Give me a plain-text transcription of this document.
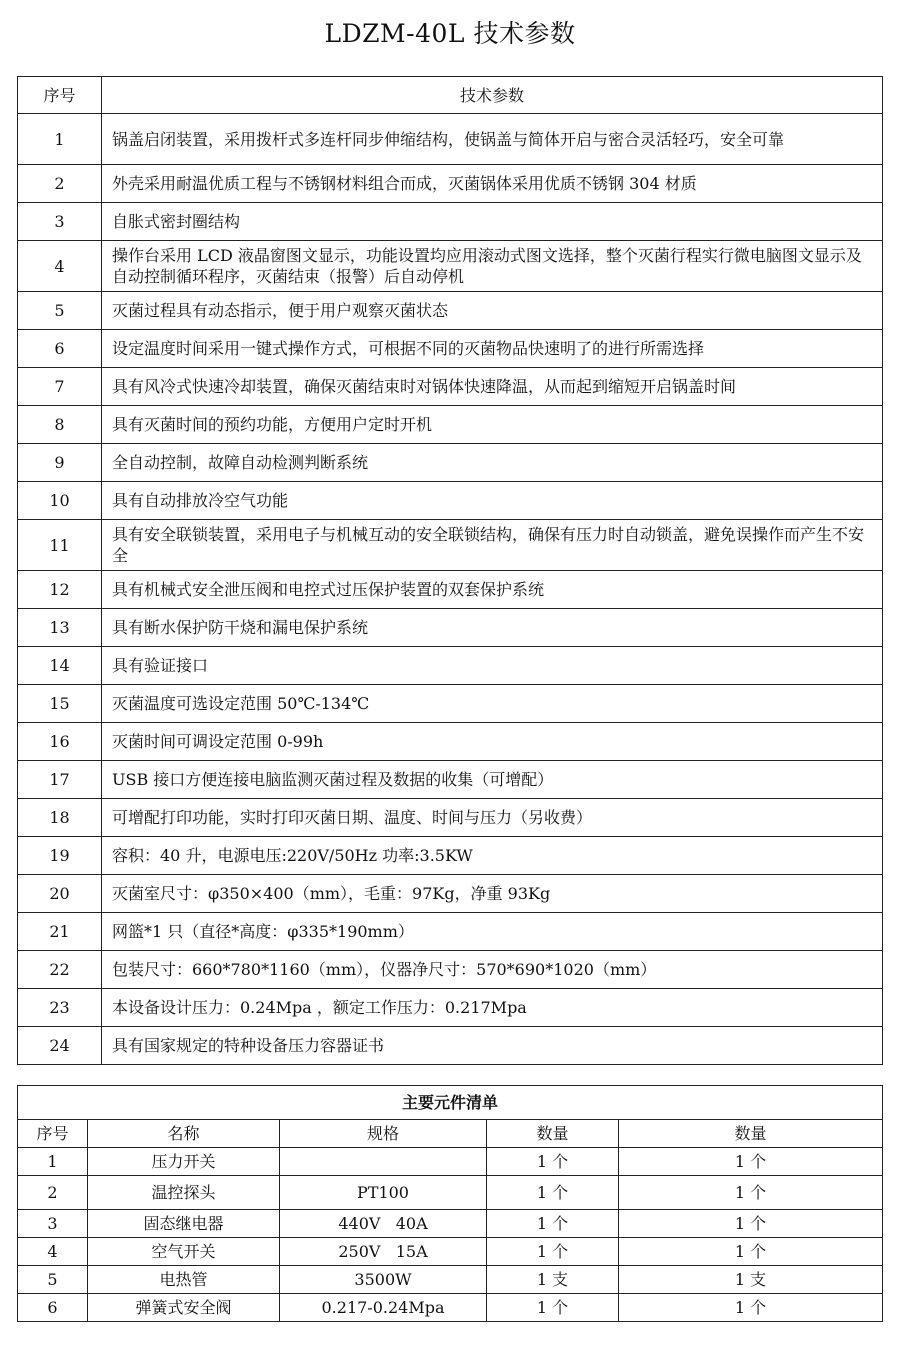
LDZM-40L 技术参数
序号	技术参数
1	锅盖启闭装置，采用拨杆式多连杆同步伸缩结构，使锅盖与简体开启与密合灵活轻巧，安全可靠
2	外壳采用耐温优质工程与不锈钢材料组合而成，灭菌锅体采用优质不锈钢 304 材质
3	自胀式密封圈结构
4	操作台采用 LCD 液晶窗图文显示，功能设置均应用滚动式图文选择，整个灭菌行程实行微电脑图文显示及自动控制循环程序，灭菌结束（报警）后自动停机
5	灭菌过程具有动态指示，便于用户观察灭菌状态
6	设定温度时间采用一键式操作方式，可根据不同的灭菌物品快速明了的进行所需选择
7	具有风冷式快速冷却装置，确保灭菌结束时对锅体快速降温，从而起到缩短开启锅盖时间
8	具有灭菌时间的预约功能，方便用户定时开机
9	全自动控制，故障自动检测判断系统
10	具有自动排放冷空气功能
11	具有安全联锁装置，采用电子与机械互动的安全联锁结构，确保有压力时自动锁盖，避免误操作而产生不安全
12	具有机械式安全泄压阀和电控式过压保护装置的双套保护系统
13	具有断水保护防干烧和漏电保护系统
14	具有验证接口
15	灭菌温度可选设定范围 50℃-134℃
16	灭菌时间可调设定范围 0-99h
17	USB 接口方便连接电脑监测灭菌过程及数据的收集（可增配）
18	可增配打印功能，实时打印灭菌日期、温度、时间与压力（另收费）
19	容积：40 升，电源电压:220V/50Hz 功率:3.5KW
20	灭菌室尺寸：φ350×400（mm），毛重：97Kg，净重 93Kg
21	网篮*1 只（直径*高度：φ335*190mm）
22	包装尺寸：660*780*1160（mm），仪器净尺寸：570*690*1020（mm）
23	本设备设计压力：0.24Mpa ，额定工作压力：0.217Mpa
24	具有国家规定的特种设备压力容器证书
主要元件清单				
序号	名称	规格	数量	数量
1	压力开关		1 个	1 个
2	温控探头	PT100	1 个	1 个
3	固态继电器	440V   40A	1 个	1 个
4	空气开关	250V   15A	1 个	1 个
5	电热管	3500W	1 支	1 支
6	弹簧式安全阀	0.217-0.24Mpa	1 个	1 个
